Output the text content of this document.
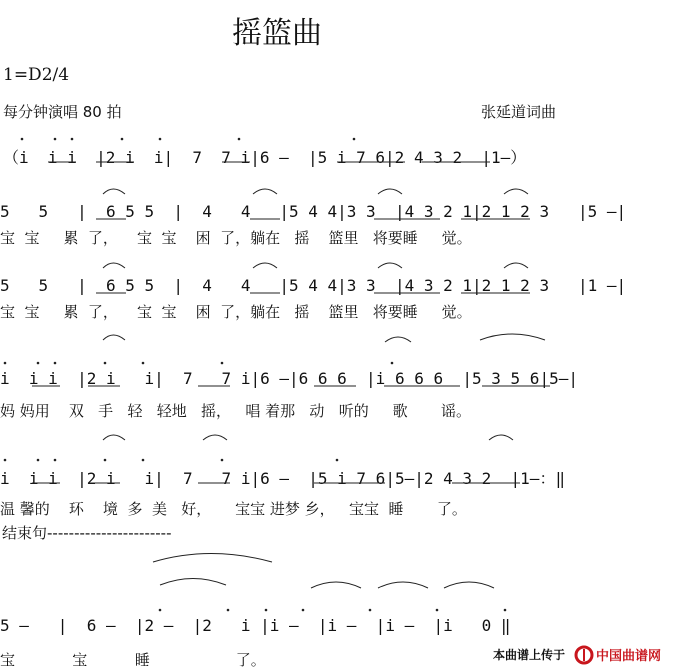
摇篮曲
1=D2/4
每分钟演唱 80 拍	张延道词曲
（i  i i  |2 i  i|  7  7 i|6 —  |5 i 7 6|2 4 3 2  |1—）
5   5   |  6 5 5  |  4   4   |5 4 4|3 3  |4 3 2 1|2 1 2 3   |5 —|
宝  宝     累  了，    宝  宝    困  了，躺在   摇    篮里   将要睡     觉。
5   5   |  6 5 5  |  4   4   |5 4 4|3 3  |4 3 2 1|2 1 2 3   |1 —|
宝  宝     累  了，    宝  宝    困  了，躺在   摇    篮里   将要睡     觉。
i  i i  |2 i   i|  7   7 i|6 —|6 6 6  |i 6 6 6  |5 3 5 6|5—|
妈 妈用    双   手   轻   轻地   摇，   唱 着那   动   听的     歌       谣。
i  i i  |2 i   i|  7   7 i|6 —  |5 i 7 6|5—|2 4 3 2  |1—：‖
温 馨的    环    境  多  美   好，     宝宝 进梦 乡，   宝宝  睡       了。
结束句-----------------------
5 —   |  6 —  |2 —  |2   i |i —  |i —  |i —  |i   0 ‖
宝            宝          睡                  了。	本曲谱上传于 中国曲谱网
